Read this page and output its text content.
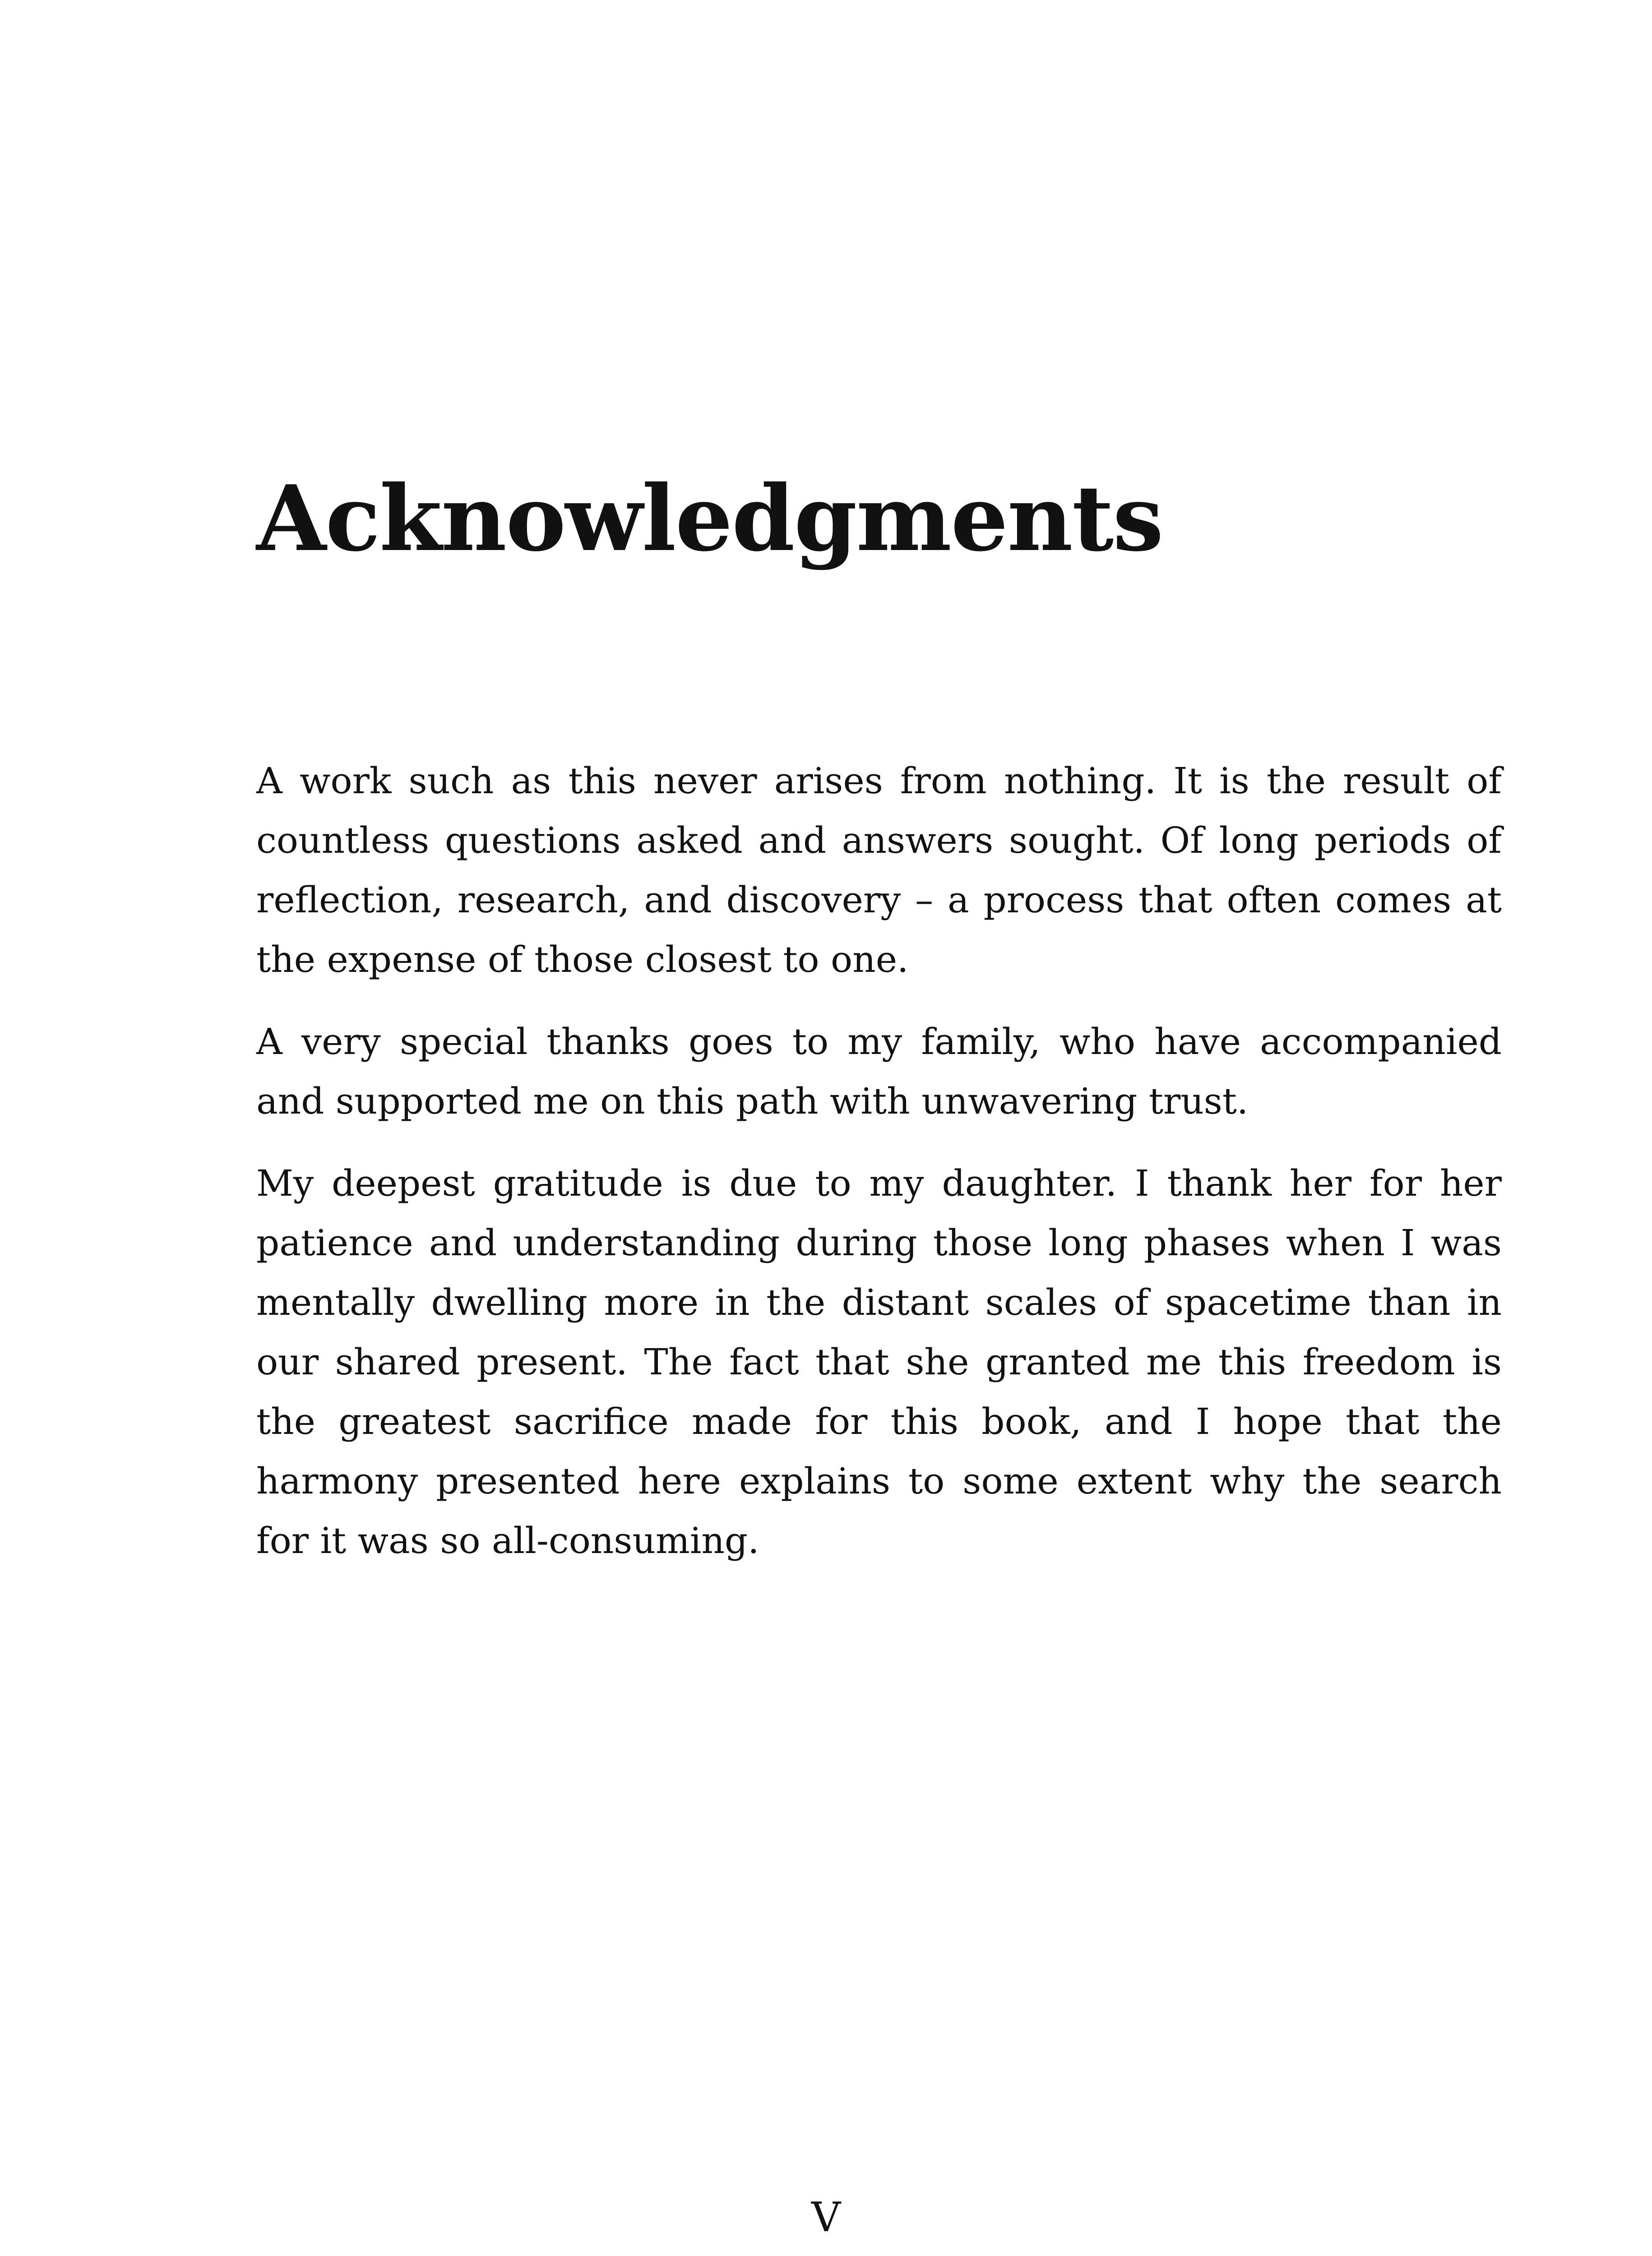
Acknowledgments

A work such as this never arises from nothing. It is the result of countless questions asked and answers sought. Of long periods of reflection, research, and discovery – a process that often comes at the expense of those closest to one.

A very special thanks goes to my family, who have accompanied and supported me on this path with unwavering trust.

My deepest gratitude is due to my daughter. I thank her for her patience and understanding during those long phases when I was mentally dwelling more in the distant scales of spacetime than in our shared present. The fact that she granted me this freedom is the greatest sacrifice made for this book, and I hope that the harmony presented here explains to some extent why the search for it was so all-consuming.

V
